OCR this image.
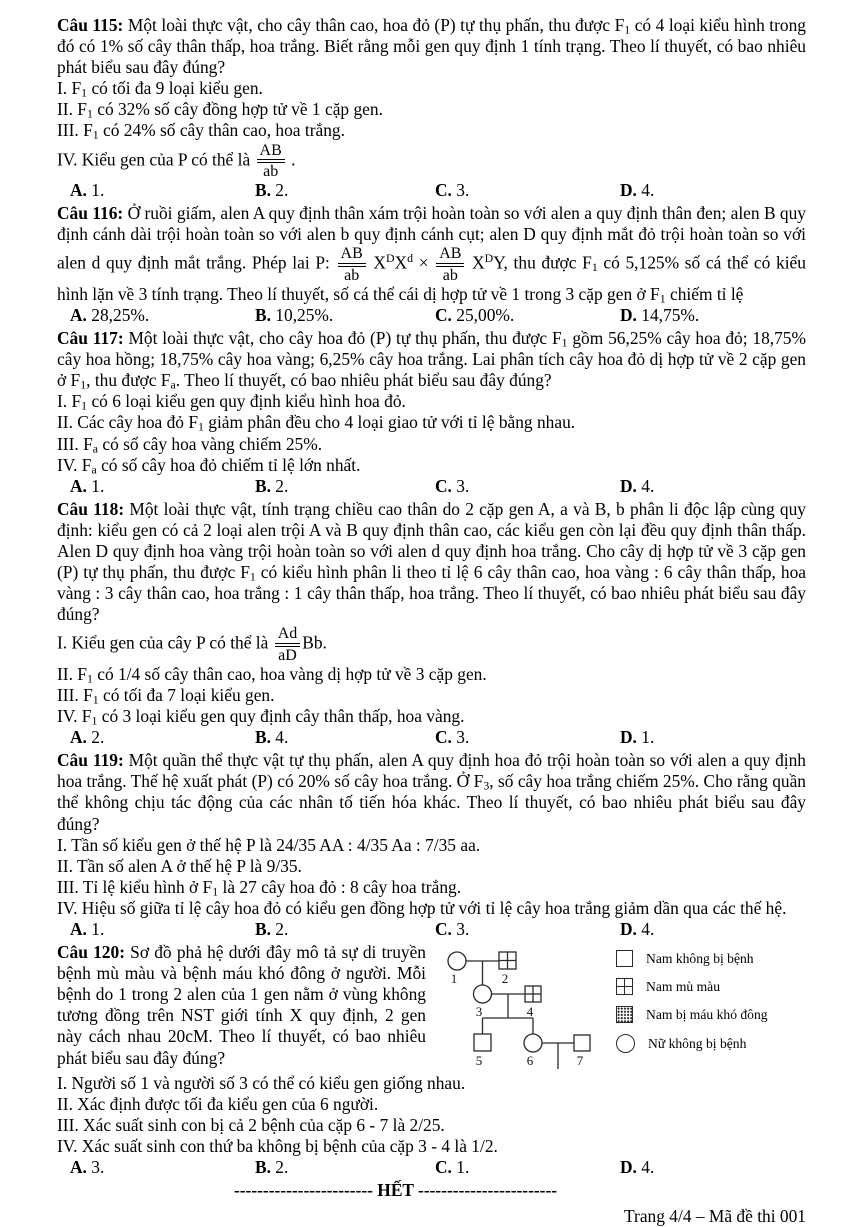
Câu 115: Một loài thực vật, cho cây thân cao, hoa đỏ (P) tự thụ phấn, thu được $F_1$ có 4 loại kiểu hình trong đó có 1% số cây thân thấp, hoa trắng. Biết rằng mỗi gen quy định 1 tính trạng. Theo lí thuyết, có bao nhiêu phát biểu sau đây đúng?

I. $F_1$ có tối đa 9 loại kiểu gen.

II. $F_1$ có 32% số cây đồng hợp tử về 1 cặp gen.

III. $F_1$ có 24% số cây thân cao, hoa trắng.

IV. Kiểu gen của P có thể là $\frac{AB}{ab}$ .

A. 1.	B. 2.	C. 3.	D. 4.

Câu 116: Ở ruồi giấm, alen A quy định thân xám trội hoàn toàn so với alen a quy định thân đen; alen B quy định cánh dài trội hoàn toàn so với alen b quy định cánh cụt; alen D quy định mắt đỏ trội hoàn toàn so với alen d quy định mắt trắng. Phép lai P: $\frac{AB}{ab} X^DX^d \times \frac{AB}{ab} X^DY$, thu được $F_1$ có 5,125% số cá thể có kiểu hình lặn về 3 tính trạng. Theo lí thuyết, số cá thể cái dị hợp tử về 1 trong 3 cặp gen ở $F_1$ chiếm tỉ lệ

A. 28,25%.	B. 10,25%.	C. 25,00%.	D. 14,75%.

Câu 117: Một loài thực vật, cho cây hoa đỏ (P) tự thụ phấn, thu được $F_1$ gồm 56,25% cây hoa đỏ; 18,75% cây hoa hồng; 18,75% cây hoa vàng; 6,25% cây hoa trắng. Lai phân tích cây hoa đỏ dị hợp tử về 2 cặp gen ở $F_1$, thu được $F_a$. Theo lí thuyết, có bao nhiêu phát biểu sau đây đúng?

I. $F_1$ có 6 loại kiểu gen quy định kiểu hình hoa đỏ.

II. Các cây hoa đỏ $F_1$ giảm phân đều cho 4 loại giao tử với tỉ lệ bằng nhau.

III. $F_a$ có số cây hoa vàng chiếm 25%.

IV. $F_a$ có số cây hoa đỏ chiếm tỉ lệ lớn nhất.

A. 1.	B. 2.	C. 3.	D. 4.

Câu 118: Một loài thực vật, tính trạng chiều cao thân do 2 cặp gen A, a và B, b phân li độc lập cùng quy định: kiểu gen có cả 2 loại alen trội A và B quy định thân cao, các kiểu gen còn lại đều quy định thân thấp. Alen D quy định hoa vàng trội hoàn toàn so với alen d quy định hoa trắng. Cho cây dị hợp tử về 3 cặp gen (P) tự thụ phấn, thu được $F_1$ có kiểu hình phân li theo tỉ lệ 6 cây thân cao, hoa vàng : 6 cây thân thấp, hoa vàng : 3 cây thân cao, hoa trắng : 1 cây thân thấp, hoa trắng. Theo lí thuyết, có bao nhiêu phát biểu sau đây đúng?

I. Kiểu gen của cây P có thể là $\frac{Ad}{aD} Bb$.

II. $F_1$ có 1/4 số cây thân cao, hoa vàng dị hợp tử về 3 cặp gen.

III. $F_1$ có tối đa 7 loại kiểu gen.

IV. $F_1$ có 3 loại kiểu gen quy định cây thân thấp, hoa vàng.

A. 2.	B. 4.	C. 3.	D. 1.

Câu 119: Một quần thể thực vật tự thụ phấn, alen A quy định hoa đỏ trội hoàn toàn so với alen a quy định hoa trắng. Thế hệ xuất phát (P) có 20% số cây hoa trắng. Ở $F_3$, số cây hoa trắng chiếm 25%. Cho rằng quần thể không chịu tác động của các nhân tố tiến hóa khác. Theo lí thuyết, có bao nhiêu phát biểu sau đây đúng?

I. Tần số kiểu gen ở thế hệ P là 24/35 AA : 4/35 Aa : 7/35 aa.

II. Tần số alen A ở thế hệ P là 9/35.

III. Tỉ lệ kiểu hình ở $F_1$ là 27 cây hoa đỏ : 8 cây hoa trắng.

IV. Hiệu số giữa tỉ lệ cây hoa đỏ có kiểu gen đồng hợp tử với tỉ lệ cây hoa trắng giảm dần qua các thế hệ.

A. 1.	B. 2.	C. 3.	D. 4.
1	2
3	4
5	6	7
Nam không bị bệnh
Nam mù màu
Nam bị máu khó đông
Nữ không bị bệnh

Câu 120: Sơ đồ phả hệ dưới đây mô tả sự di truyền bệnh mù màu và bệnh máu khó đông ở người. Mỗi bệnh do 1 trong 2 alen của 1 gen nằm ở vùng không tương đồng trên NST giới tính X quy định, 2 gen này cách nhau 20cM. Theo lí thuyết, có bao nhiêu phát biểu sau đây đúng?

I. Người số 1 và người số 3 có thể có kiểu gen giống nhau.

II. Xác định được tối đa kiểu gen của 6 người.

III. Xác suất sinh con bị cả 2 bệnh của cặp 6 - 7 là 2/25.

IV. Xác suất sinh con thứ ba không bị bệnh của cặp 3 - 4 là 1/2.

A. 3.	B. 2.	C. 1.	D. 4.

------------------------ HẾT ------------------------

Trang 4/4 – Mã đề thi 001
